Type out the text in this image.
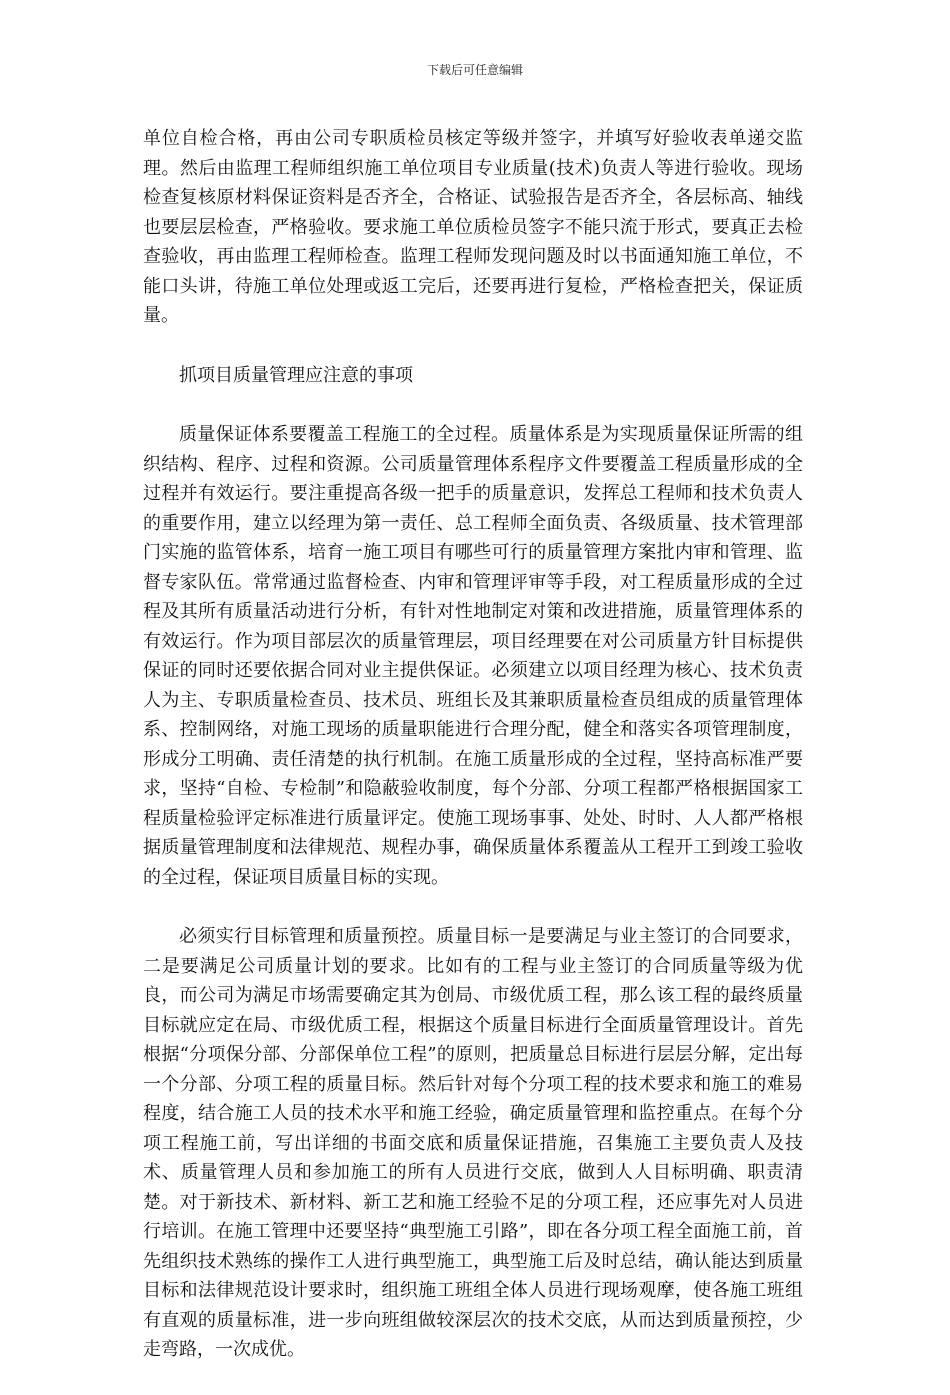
下载后可任意编辑

单位自检合格，再由公司专职质检员核定等级并签字，并填写好验收表单递交监理。然后由监理工程师组织施工单位项目专业质量(技术)负责人等进行验收。现场检查复核原材料保证资料是否齐全，合格证、试验报告是否齐全，各层标高、轴线也要层层检查，严格验收。要求施工单位质检员签字不能只流于形式，要真正去检查验收，再由监理工程师检查。监理工程师发现问题及时以书面通知施工单位，不能口头讲，待施工单位处理或返工完后，还要再进行复检，严格检查把关，保证质量。

抓项目质量管理应注意的事项

质量保证体系要覆盖工程施工的全过程。质量体系是为实现质量保证所需的组织结构、程序、过程和资源。公司质量管理体系程序文件要覆盖工程质量形成的全过程并有效运行。要注重提高各级一把手的质量意识，发挥总工程师和技术负责人的重要作用，建立以经理为第一责任、总工程师全面负责、各级质量、技术管理部门实施的监管体系，培育一施工项目有哪些可行的质量管理方案批内审和管理、监督专家队伍。常常通过监督检查、内审和管理评审等手段，对工程质量形成的全过程及其所有质量活动进行分析，有针对性地制定对策和改进措施，质量管理体系的有效运行。作为项目部层次的质量管理层，项目经理要在对公司质量方针目标提供保证的同时还要依据合同对业主提供保证。必须建立以项目经理为核心、技术负责人为主、专职质量检查员、技术员、班组长及其兼职质量检查员组成的质量管理体系、控制网络，对施工现场的质量职能进行合理分配，健全和落实各项管理制度，形成分工明确、责任清楚的执行机制。在施工质量形成的全过程，坚持高标准严要求，坚持“自检、专检制”和隐蔽验收制度，每个分部、分项工程都严格根据国家工程质量检验评定标准进行质量评定。使施工现场事事、处处、时时、人人都严格根据质量管理制度和法律规范、规程办事，确保质量体系覆盖从工程开工到竣工验收的全过程，保证项目质量目标的实现。

必须实行目标管理和质量预控。质量目标一是要满足与业主签订的合同要求，二是要满足公司质量计划的要求。比如有的工程与业主签订的合同质量等级为优良，而公司为满足市场需要确定其为创局、市级优质工程，那么该工程的最终质量目标就应定在局、市级优质工程，根据这个质量目标进行全面质量管理设计。首先根据“分项保分部、分部保单位工程”的原则，把质量总目标进行层层分解，定出每一个分部、分项工程的质量目标。然后针对每个分项工程的技术要求和施工的难易程度，结合施工人员的技术水平和施工经验，确定质量管理和监控重点。在每个分项工程施工前，写出详细的书面交底和质量保证措施，召集施工主要负责人及技术、质量管理人员和参加施工的所有人员进行交底，做到人人目标明确、职责清楚。对于新技术、新材料、新工艺和施工经验不足的分项工程，还应事先对人员进行培训。在施工管理中还要坚持“典型施工引路”，即在各分项工程全面施工前，首先组织技术熟练的操作工人进行典型施工，典型施工后及时总结，确认能达到质量目标和法律规范设计要求时，组织施工班组全体人员进行现场观摩，使各施工班组有直观的质量标准，进一步向班组做较深层次的技术交底，从而达到质量预控，少走弯路，一次成优。
